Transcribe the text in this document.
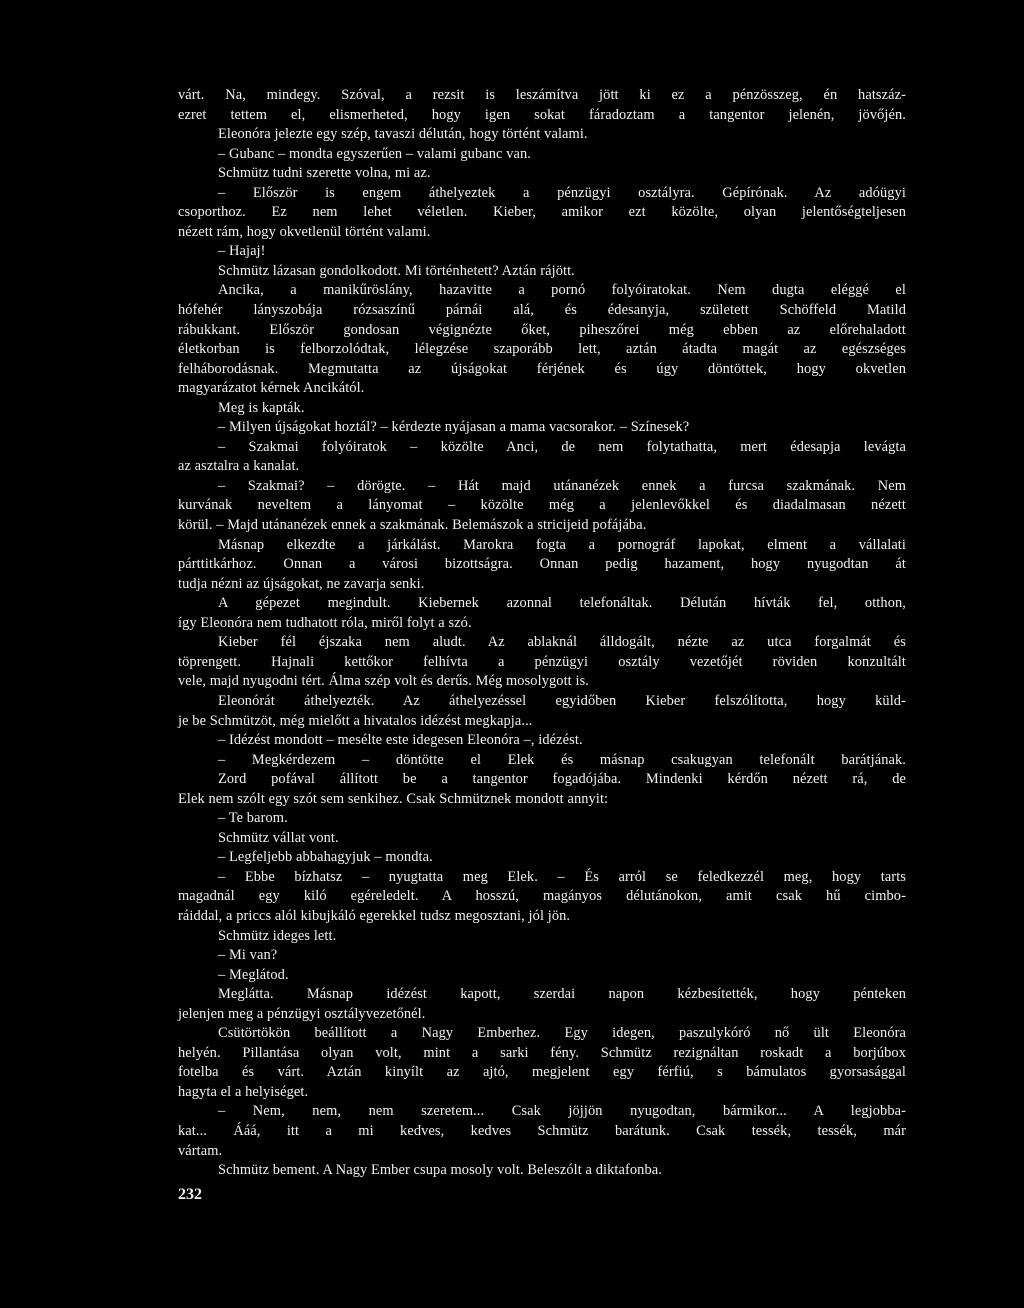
várt. Na, mindegy. Szóval, a rezsit is leszámítva jött ki ez a pénzösszeg, én hatszáz-
ezret tettem el, elismerheted, hogy igen sokat fáradoztam a tangentor jelenén, jövőjén.
Eleonóra jelezte egy szép, tavaszi délután, hogy történt valami.
– Gubanc – mondta egyszerűen – valami gubanc van.
Schmütz tudni szerette volna, mi az.
– Először is engem áthelyeztek a pénzügyi osztályra. Gépírónak. Az adóügyi
csoporthoz. Ez nem lehet véletlen. Kieber, amikor ezt közölte, olyan jelentőségteljesen
nézett rám, hogy okvetlenül történt valami.
– Hajaj!
Schmütz lázasan gondolkodott. Mi történhetett? Aztán rájött.
Ancika, a manikűröslány, hazavitte a pornó folyóiratokat. Nem dugta eléggé el
hófehér lányszobája rózsaszínű párnái alá, és édesanyja, született Schöffeld Matild
rábukkant. Először gondosan végignézte őket, piheszőrei még ebben az előrehaladott
életkorban is felborzolódtak, lélegzése szaporább lett, aztán átadta magát az egészséges
felháborodásnak. Megmutatta az újságokat férjének és úgy döntöttek, hogy okvetlen
magyarázatot kérnek Ancikától.
Meg is kapták.
– Milyen újságokat hoztál? – kérdezte nyájasan a mama vacsorakor. – Színesek?
– Szakmai folyóiratok – közölte Anci, de nem folytathatta, mert édesapja levágta
az asztalra a kanalat.
– Szakmai? – dörögte. – Hát majd utánanézek ennek a furcsa szakmának. Nem
kurvának neveltem a lányomat – közölte még a jelenlevőkkel és diadalmasan nézett
körül. – Majd utánanézek ennek a szakmának. Belemászok a stricijeid pofájába.
Másnap elkezdte a járkálást. Marokra fogta a pornográf lapokat, elment a vállalati
párttitkárhoz. Onnan a városi bizottságra. Onnan pedig hazament, hogy nyugodtan át
tudja nézni az újságokat, ne zavarja senki.
A gépezet megindult. Kiebernek azonnal telefonáltak. Délután hívták fel, otthon,
így Eleonóra nem tudhatott róla, miről folyt a szó.
Kieber fél éjszaka nem aludt. Az ablaknál álldogált, nézte az utca forgalmát és
töprengett. Hajnali kettőkor felhívta a pénzügyi osztály vezetőjét röviden konzultált
vele, majd nyugodni tért. Álma szép volt és derűs. Még mosolygott is.
Eleonórát áthelyezték. Az áthelyezéssel egyidőben Kieber felszólította, hogy küld-
je be Schmützöt, még mielőtt a hivatalos idézést megkapja...
– Idézést mondott – mesélte este idegesen Eleonóra –, idézést.
– Megkérdezem – döntötte el Elek és másnap csakugyan telefonált barátjának.
Zord pofával állított be a tangentor fogadójába. Mindenki kérdőn nézett rá, de
Elek nem szólt egy szót sem senkihez. Csak Schmütznek mondott annyit:
– Te barom.
Schmütz vállat vont.
– Legfeljebb abbahagyjuk – mondta.
– Ebbe bízhatsz – nyugtatta meg Elek. – És arról se feledkezzél meg, hogy tarts
magadnál egy kiló egéreledelt. A hosszú, magányos délutánokon, amit csak hű cimbo-
ráiddal, a priccs alól kibujkáló egerekkel tudsz megosztani, jól jön.
Schmütz ideges lett.
– Mi van?
– Meglátod.
Meglátta. Másnap idézést kapott, szerdai napon kézbesítették, hogy pénteken
jelenjen meg a pénzügyi osztályvezetőnél.
Csütörtökön beállított a Nagy Emberhez. Egy idegen, paszulykóró nő ült Eleonóra
helyén. Pillantása olyan volt, mint a sarki fény. Schmütz rezignáltan roskadt a borjúbox
fotelba és várt. Aztán kinyílt az ajtó, megjelent egy férfiú, s bámulatos gyorsasággal
hagyta el a helyiséget.
– Nem, nem, nem szeretem... Csak jöjjön nyugodtan, bármikor... A legjobba-
kat... Ááá, itt a mi kedves, kedves Schmütz barátunk. Csak tessék, tessék, már
vártam.
Schmütz bement. A Nagy Ember csupa mosoly volt. Beleszólt a diktafonba.
232
